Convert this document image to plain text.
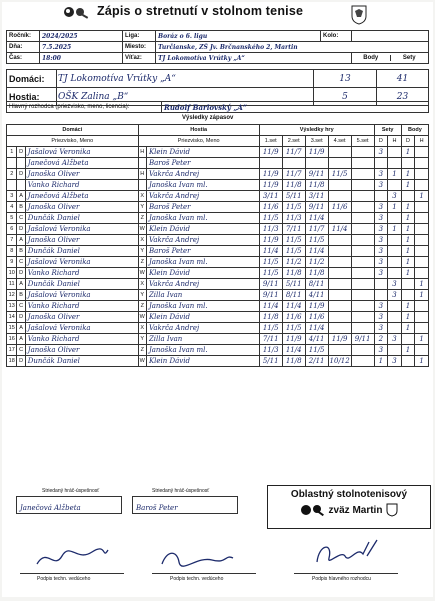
Zápis o stretnutí v stolnom tenise
Ročník:	2024/2025	Liga:	Boráz o 6. ligu	Kolo:	
Dňa:	7.5.2025	Miesto:	Turčianske, ZŠ Jv. Brčnanského 2, Martin		
Čas:	18:00	Víťaz:	TJ Lokomotíva Vrútky „A“		Body Sety
Domáci:	TJ Lokomotíva Vrútky „A“	13	41
Hostia:	OŠK Zalina „B“	5	23
Hlavný rozhodca (priezvisko, meno, licencia):	Rudolf Barlovský „A“
Výsledky zápasov
Domáci			Hostia		Výsledky hry					Sety		Body	
Priezvisko, Meno			Priezvisko, Meno		1.set	2.set	3.set	4.set	5.set	D	H	D	H
1	D	Jašalová Veronika	H	Klein Dávid	11/9	11/7	11/9			3		1	
		Janečová Alžbeta		Baroš Peter									
2	D	Janoška Oliver	H	Vakrča Andrej	11/9	11/7	9/11	11/5		3	1	1	
		Vanko Richard		Janoška Ivan ml.	11/9	11/8	11/8			3		1	
3	A	Janečová Alžbeta	X	Vakrča Andrej	3/11	5/11	3/11				3		1
4	B	Janoška Oliver	Y	Baroš Peter	11/6	11/5	9/11	11/6		3	1	1	
5	C	Dunčák Daniel	Z	Janoška Ivan ml.	11/5	11/3	11/4			3		1	
6	D	Jašalová Veronika	W	Klein Dávid	11/3	7/11	11/7	11/4		3	1	1	
7	A	Janoška Oliver	X	Vakrča Andrej	11/9	11/5	11/5			3		1	
8	B	Dunčák Daniel	Y	Baroš Peter	11/4	11/5	11/4			3		1	
9	C	Jašalová Veronika	Z	Janoška Ivan ml.	11/5	11/2	11/2			3		1	
10	D	Vanko Richard	W	Klein Dávid	11/5	11/8	11/8			3		1	
11	A	Dunčák Daniel	X	Vakrča Andrej	9/11	5/11	8/11				3		1
12	B	Jašalová Veronika	Y	Zilla Ivan	9/11	8/11	4/11				3		1
13	C	Vanko Richard	Z	Janoška Ivan ml.	11/4	11/4	11/9			3		1	
14	D	Janoška Oliver	W	Klein Dávid	11/8	11/6	11/6			3		1	
15	A	Jašalová Veronika	X	Vakrča Andrej	11/5	11/5	11/4			3		1	
16	A	Vanko Richard	Y	Zilla Ivan	7/11	11/9	4/11	11/9	9/11	2	3		1
17	C	Janoška Oliver	Z	Janoška Ivan ml.	11/3	11/4	11/5			3		1	
18	D	Dunčák Daniel	W	Klein Dávid	5/11	11/8	2/11	10/12		1	3		1
Striedaný hráč-úspešnosť	Striedaný hráč-úspešnosť
Janečová Alžbeta	Baroš Peter
Oblastný stolnotenisový
zväz Martin
Podpis techn. vedúceho	Podpis techn. vedúceho	Podpis hlavného rozhodcu
